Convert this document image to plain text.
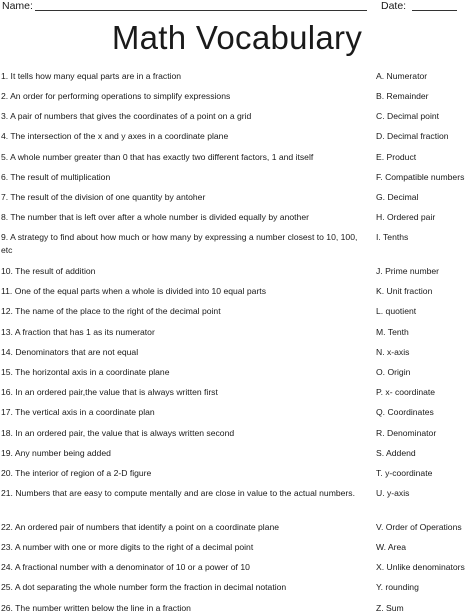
Name:	Date:
Math Vocabulary
1. It tells how many equal parts are in a fraction	A. Numerator
2. An order for performing operations to simplify expressions	B. Remainder
3. A pair of numbers that gives the coordinates of a point on a grid	C. Decimal point
4. The intersection of the x and y axes in a coordinate plane	D. Decimal fraction
5. A whole number greater than 0 that has exactly two different factors, 1 and itself	E. Product
6. The result of multiplication	F. Compatible numbers
7. The result of the division of one quantity by antoher	G. Decimal
8. The number that is left over after a whole number is divided equally by another	H. Ordered pair
9. A strategy to find about how much or how many by expressing a number closest to 10, 100, etc
I. Tenths
10. The result of addition	J. Prime number
11. One of the equal parts when a whole is divided into 10 equal parts	K. Unit fraction
12. The name of the place to the right of the decimal point	L. quotient
13. A fraction that has 1 as its numerator	M. Tenth
14. Denominators that are not equal	N. x-axis
15. The horizontal axis in a coordinate plane	O. Origin
16. In an ordered pair,the value that is always written first	P. x- coordinate
17. The vertical axis in a coordinate plan	Q. Coordinates
18. In an ordered pair, the value that is always written second	R. Denominator
19. Any number being added	S. Addend
20. The interior of region of a 2-D figure	T. y-coordinate
21. Numbers that are easy to compute mentally and are close in value to the actual numbers.	U. y-axis
22. An ordered pair of numbers that identify a point on a coordinate plane	V. Order of Operations
23. A number with one or more digits to the right of a decimal point	W. Area
24. A fractional number with a denominator of 10 or a power of 10	X. Unlike denominators
25. A dot separating the whole number form the fraction in decimal notation	Y. rounding
26. The number written below the line in a fraction	Z. Sum
